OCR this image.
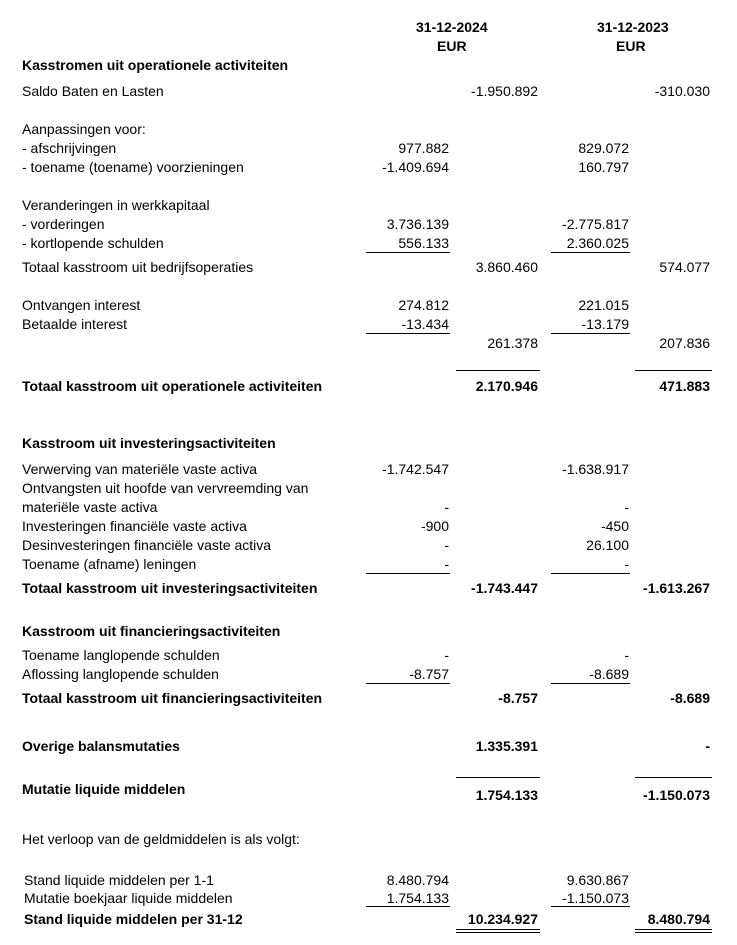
31-12-2024
EUR
31-12-2023
EUR
Kasstromen uit operationele activiteiten
Saldo Baten en Lasten	-1.950.892	-310.030
Aanpassingen voor:
- afschrijvingen	977.882	829.072
- toename (toename) voorzieningen	-1.409.694	160.797
Veranderingen in werkkapitaal
- vorderingen	3.736.139	-2.775.817
- kortlopende schulden	556.133	2.360.025
Totaal kasstroom uit bedrijfsoperaties	3.860.460	574.077
Ontvangen interest	274.812	221.015
Betaalde interest	-13.434	-13.179
261.378	207.836
Totaal kasstroom uit operationele activiteiten	2.170.946	471.883
Kasstroom uit investeringsactiviteiten
Verwerving van materiële vaste activa	-1.742.547	-1.638.917
Ontvangsten uit hoofde van vervreemding van
materiële vaste activa	-	-
Investeringen financiële vaste activa	-900	-450
Desinvesteringen financiële vaste activa	-	26.100
Toename (afname) leningen	-	-
Totaal kasstroom uit investeringsactiviteiten	-1.743.447	-1.613.267
Kasstroom uit financieringsactiviteiten
Toename langlopende schulden	-	-
Aflossing langlopende schulden	-8.757	-8.689
Totaal kasstroom uit financieringsactiviteiten	-8.757	-8.689
Overige balansmutaties	1.335.391	-
Mutatie liquide middelen	1.754.133	-1.150.073
Het verloop van de geldmiddelen is als volgt:
Stand liquide middelen per 1-1	8.480.794	9.630.867
Mutatie boekjaar liquide middelen	1.754.133	-1.150.073
Stand liquide middelen per 31-12	10.234.927	8.480.794
